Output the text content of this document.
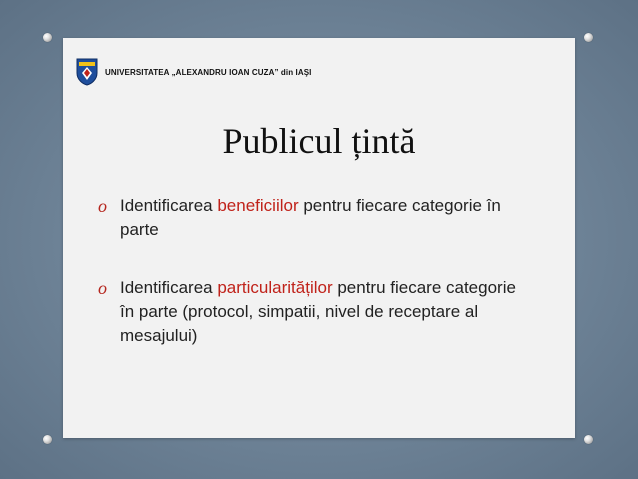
UNIVERSITATEA „ALEXANDRU IOAN CUZA” din IAŞI
Publicul țintă
o Identificarea beneficiilor pentru fiecare categorie în parte
o Identificarea particularităților pentru fiecare categorie în parte (protocol, simpatii, nivel de receptare al mesajului)
